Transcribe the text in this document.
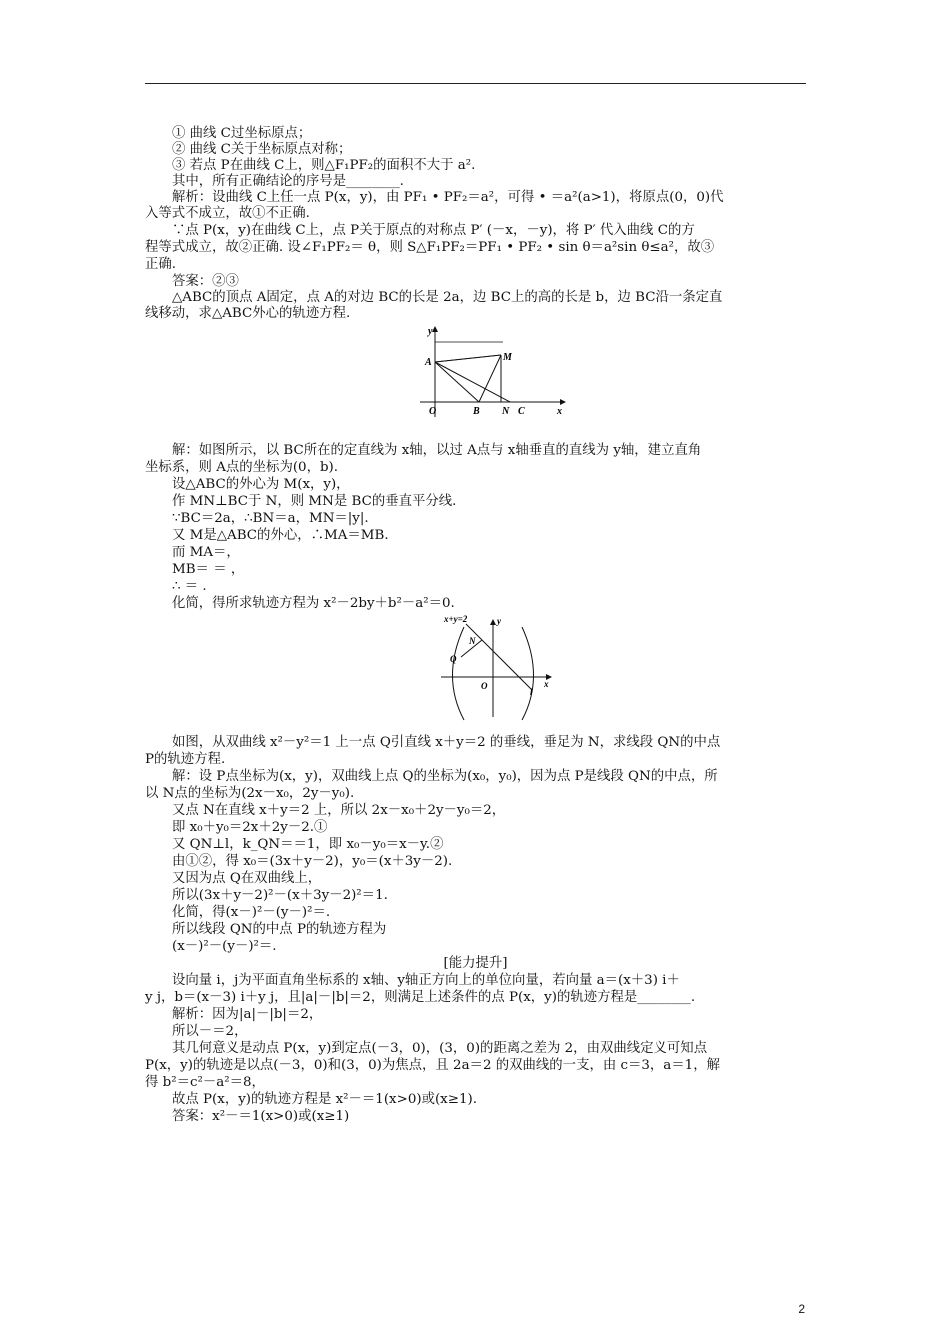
① 曲线 C过坐标原点；
② 曲线 C关于坐标原点对称；
③ 若点 P在曲线 C上，则△F₁PF₂的面积不大于 a².
其中，所有正确结论的序号是________.
解析：设曲线 C上任一点 P(x，y)，由 PF₁ • PF₂＝a²，可得 • ＝a²(a>1)，将原点(0，0)代
入等式不成立，故①不正确.
∵点 P(x，y)在曲线 C上，点 P关于原点的对称点 P′ (－x，－y)，将 P′ 代入曲线 C的方
程等式成立，故②正确. 设∠F₁PF₂＝ θ，则 S△F₁PF₂＝PF₁ • PF₂ • sin θ＝a²sin θ≤a²，故③
正确.
答案：②③
△ABC的顶点 A固定，点 A的对边 BC的长是 2a，边 BC上的高的长是 b，边 BC沿一条定直
线移动，求△ABC外心的轨迹方程.
y
A	M
O	B N C	x
解：如图所示，以 BC所在的定直线为 x轴，以过 A点与 x轴垂直的直线为 y轴，建立直角
坐标系，则 A点的坐标为(0，b).
设△ABC的外心为 M(x，y)，
作 MN⊥BC于 N，则 MN是 BC的垂直平分线.
∵BC＝2a，∴BN＝a，MN＝|y|.
又 M是△ABC的外心，∴MA＝MB.
而 MA＝，
MB＝ ＝ ，
∴ ＝ .
化简，得所求轨迹方程为 x²－2by＋b²－a²＝0.
x+y=2	y
N
Q
O
l
x
如图，从双曲线 x²－y²＝1 上一点 Q引直线 x＋y＝2 的垂线，垂足为 N，求线段 QN的中点
P的轨迹方程.
解：设 P点坐标为(x，y)，双曲线上点 Q的坐标为(x₀，y₀)，因为点 P是线段 QN的中点，所
以 N点的坐标为(2x－x₀，2y－y₀).
又点 N在直线 x＋y＝2 上，所以 2x－x₀＋2y－y₀＝2，
即 x₀＋y₀＝2x＋2y－2.①
又 QN⊥l，k_QN＝＝1，即 x₀－y₀＝x－y.②
由①②，得 x₀＝(3x＋y－2)，y₀＝(x＋3y－2).
又因为点 Q在双曲线上，
所以(3x＋y－2)²－(x＋3y－2)²＝1.
化简，得(x－)²－(y－)²＝.
所以线段 QN的中点 P的轨迹方程为
(x－)²－(y－)²＝.
[能力提升]
设向量 i，j为平面直角坐标系的 x轴、y轴正方向上的单位向量，若向量 a＝(x＋3) i＋
y j，b＝(x－3) i＋y j，且|a|－|b|＝2，则满足上述条件的点 P(x，y)的轨迹方程是________.
解析：因为|a|－|b|＝2，
所以－＝2，
其几何意义是动点 P(x，y)到定点(－3，0)，(3，0)的距离之差为 2，由双曲线定义可知点
P(x，y)的轨迹是以点(－3，0)和(3，0)为焦点，且 2a＝2 的双曲线的一支，由 c＝3，a＝1，解
得 b²＝c²－a²＝8，
故点 P(x，y)的轨迹方程是 x²－＝1(x>0)或(x≥1).
答案：x²－＝1(x>0)或(x≥1)
2
